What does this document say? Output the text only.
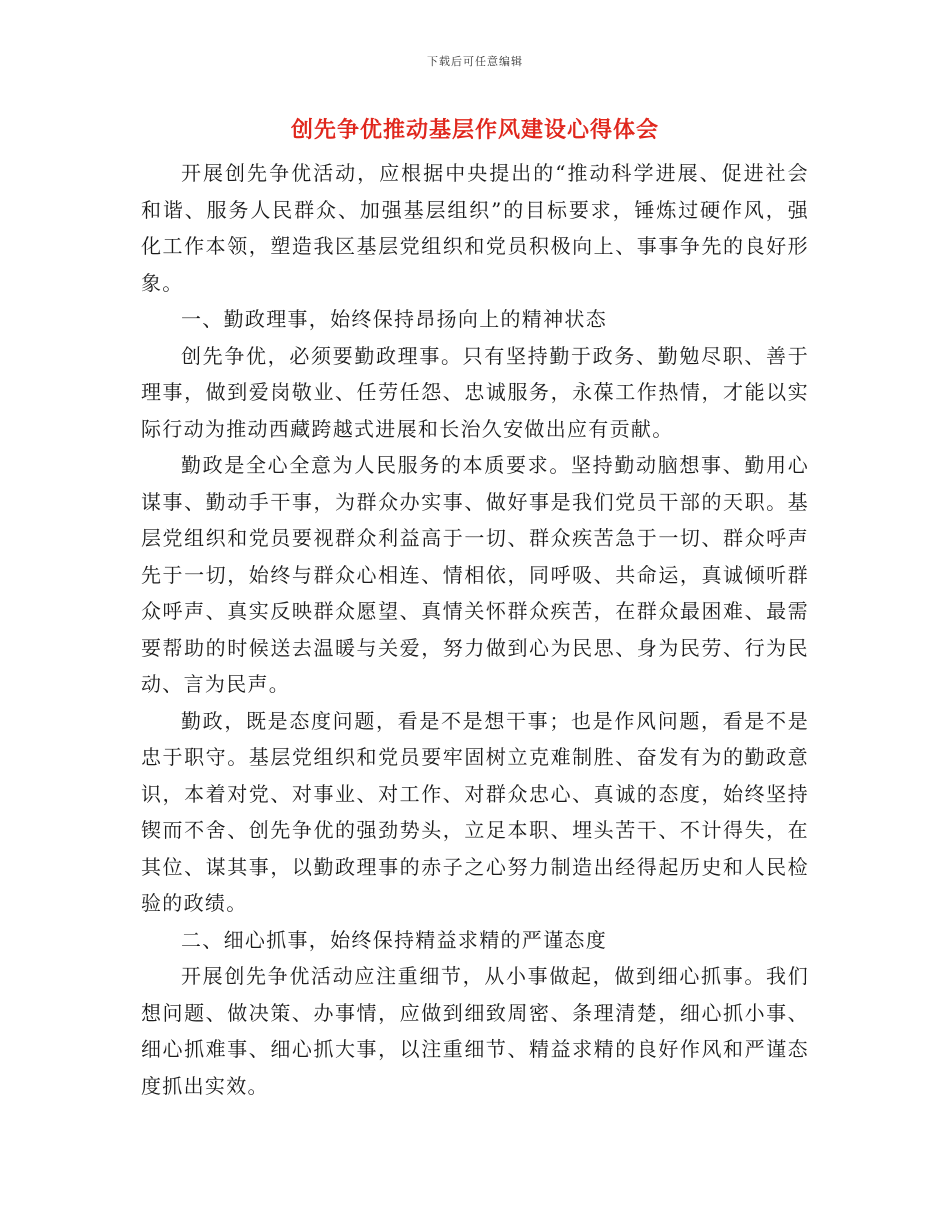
下载后可任意编辑
创先争优推动基层作风建设心得体会

开展创先争优活动，应根据中央提出的“推动科学进展、促进社会和谐、服务人民群众、加强基层组织”的目标要求，锤炼过硬作风，强化工作本领，塑造我区基层党组织和党员积极向上、事事争先的良好形象。

一、勤政理事，始终保持昂扬向上的精神状态

创先争优，必须要勤政理事。只有坚持勤于政务、勤勉尽职、善于理事，做到爱岗敬业、任劳任怨、忠诚服务，永葆工作热情，才能以实际行动为推动西藏跨越式进展和长治久安做出应有贡献。

勤政是全心全意为人民服务的本质要求。坚持勤动脑想事、勤用心谋事、勤动手干事，为群众办实事、做好事是我们党员干部的天职。基层党组织和党员要视群众利益高于一切、群众疾苦急于一切、群众呼声先于一切，始终与群众心相连、情相依，同呼吸、共命运，真诚倾听群众呼声、真实反映群众愿望、真情关怀群众疾苦，在群众最困难、最需要帮助的时候送去温暖与关爱，努力做到心为民思、身为民劳、行为民动、言为民声。

勤政，既是态度问题，看是不是想干事；也是作风问题，看是不是忠于职守。基层党组织和党员要牢固树立克难制胜、奋发有为的勤政意识，本着对党、对事业、对工作、对群众忠心、真诚的态度，始终坚持锲而不舍、创先争优的强劲势头，立足本职、埋头苦干、不计得失，在其位、谋其事，以勤政理事的赤子之心努力制造出经得起历史和人民检验的政绩。

二、细心抓事，始终保持精益求精的严谨态度

开展创先争优活动应注重细节，从小事做起，做到细心抓事。我们想问题、做决策、办事情，应做到细致周密、条理清楚，细心抓小事、细心抓难事、细心抓大事，以注重细节、精益求精的良好作风和严谨态度抓出实效。
